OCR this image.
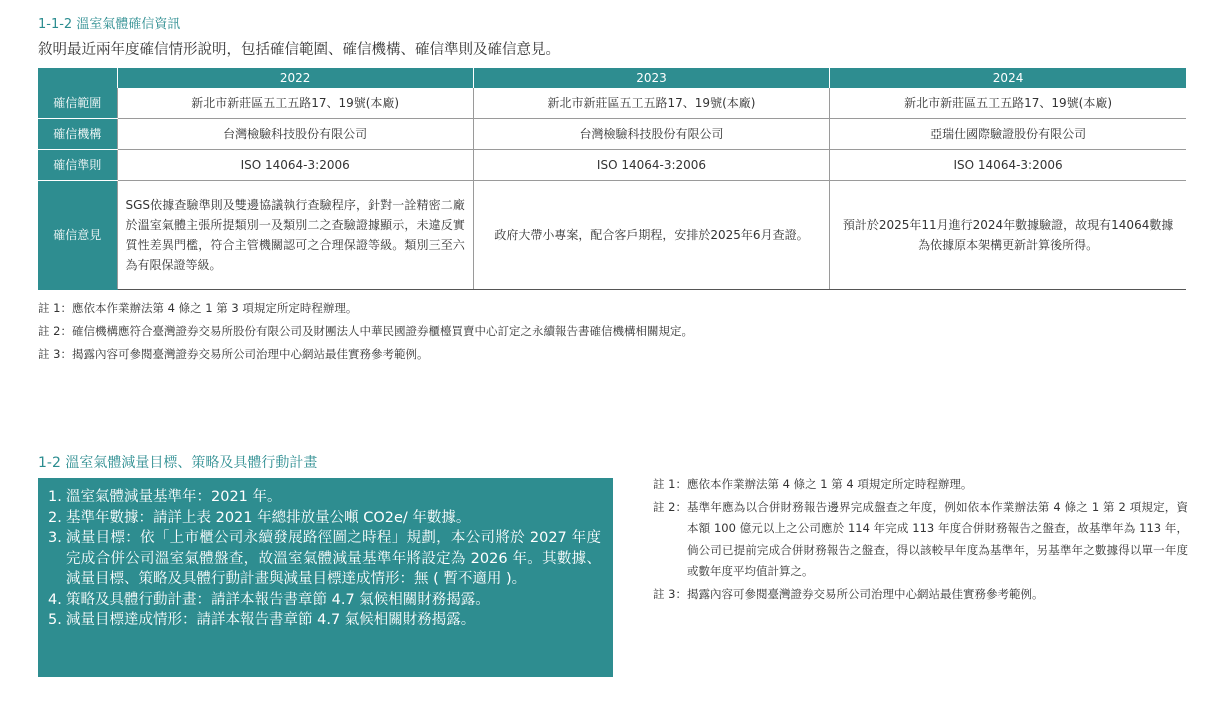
1-1-2 溫室氣體確信資訊
敘明最近兩年度確信情形說明，包括確信範圍、確信機構、確信準則及確信意見。
	2022	2023	2024
確信範圍	新北市新莊區五工五路17、19號(本廠)	新北市新莊區五工五路17、19號(本廠)	新北市新莊區五工五路17、19號(本廠)
確信機構	台灣檢驗科技股份有限公司	台灣檢驗科技股份有限公司	亞瑞仕國際驗證股份有限公司
確信準則	ISO 14064-3:2006	ISO 14064-3:2006	ISO 14064-3:2006
確信意見	SGS依據查驗準則及雙邊協議執行查驗程序，針對一詮精密二廠於溫室氣體主張所提類別一及類別二之查驗證據顯示，未違反實質性差異門檻，符合主管機關認可之合理保證等級。類別三至六為有限保證等級。	政府大帶小專案，配合客戶期程，安排於2025年6月查證。	預計於2025年11月進行2024年數據驗證，故現有14064數據為依據原本架構更新計算後所得。
註 1：應依本作業辦法第 4 條之 1 第 3 項規定所定時程辦理。
註 2：確信機構應符合臺灣證券交易所股份有限公司及財團法人中華民國證券櫃檯買賣中心訂定之永續報告書確信機構相關規定。
註 3：揭露內容可參閱臺灣證券交易所公司治理中心網站最佳實務參考範例。
1-2 溫室氣體減量目標、策略及具體行動計畫
1. 溫室氣體減量基準年：2021 年。
2. 基準年數據：請詳上表 2021 年總排放量公噸 CO2e/ 年數據。
3. 減量目標：依「上市櫃公司永續發展路徑圖之時程」規劃，本公司將於 2027 年度完成合併公司溫室氣體盤查，故溫室氣體減量基準年將設定為 2026 年。其數據、減量目標、策略及具體行動計畫與減量目標達成情形：無 ( 暫不適用 )。
4. 策略及具體行動計畫：請詳本報告書章節 4.7 氣候相關財務揭露。
5. 減量目標達成情形：請詳本報告書章節 4.7 氣候相關財務揭露。
註 1： 應依本作業辦法第 4 條之 1 第 4 項規定所定時程辦理。
註 2： 基準年應為以合併財務報告邊界完成盤查之年度，例如依本作業辦法第 4 條之 1 第 2 項規定，資本額 100 億元以上之公司應於 114 年完成 113 年度合併財務報告之盤查，故基準年為 113 年，倘公司已提前完成合併財務報告之盤查，得以該較早年度為基準年，另基準年之數據得以單一年度或數年度平均值計算之。
註 3： 揭露內容可參閱臺灣證券交易所公司治理中心網站最佳實務參考範例。
